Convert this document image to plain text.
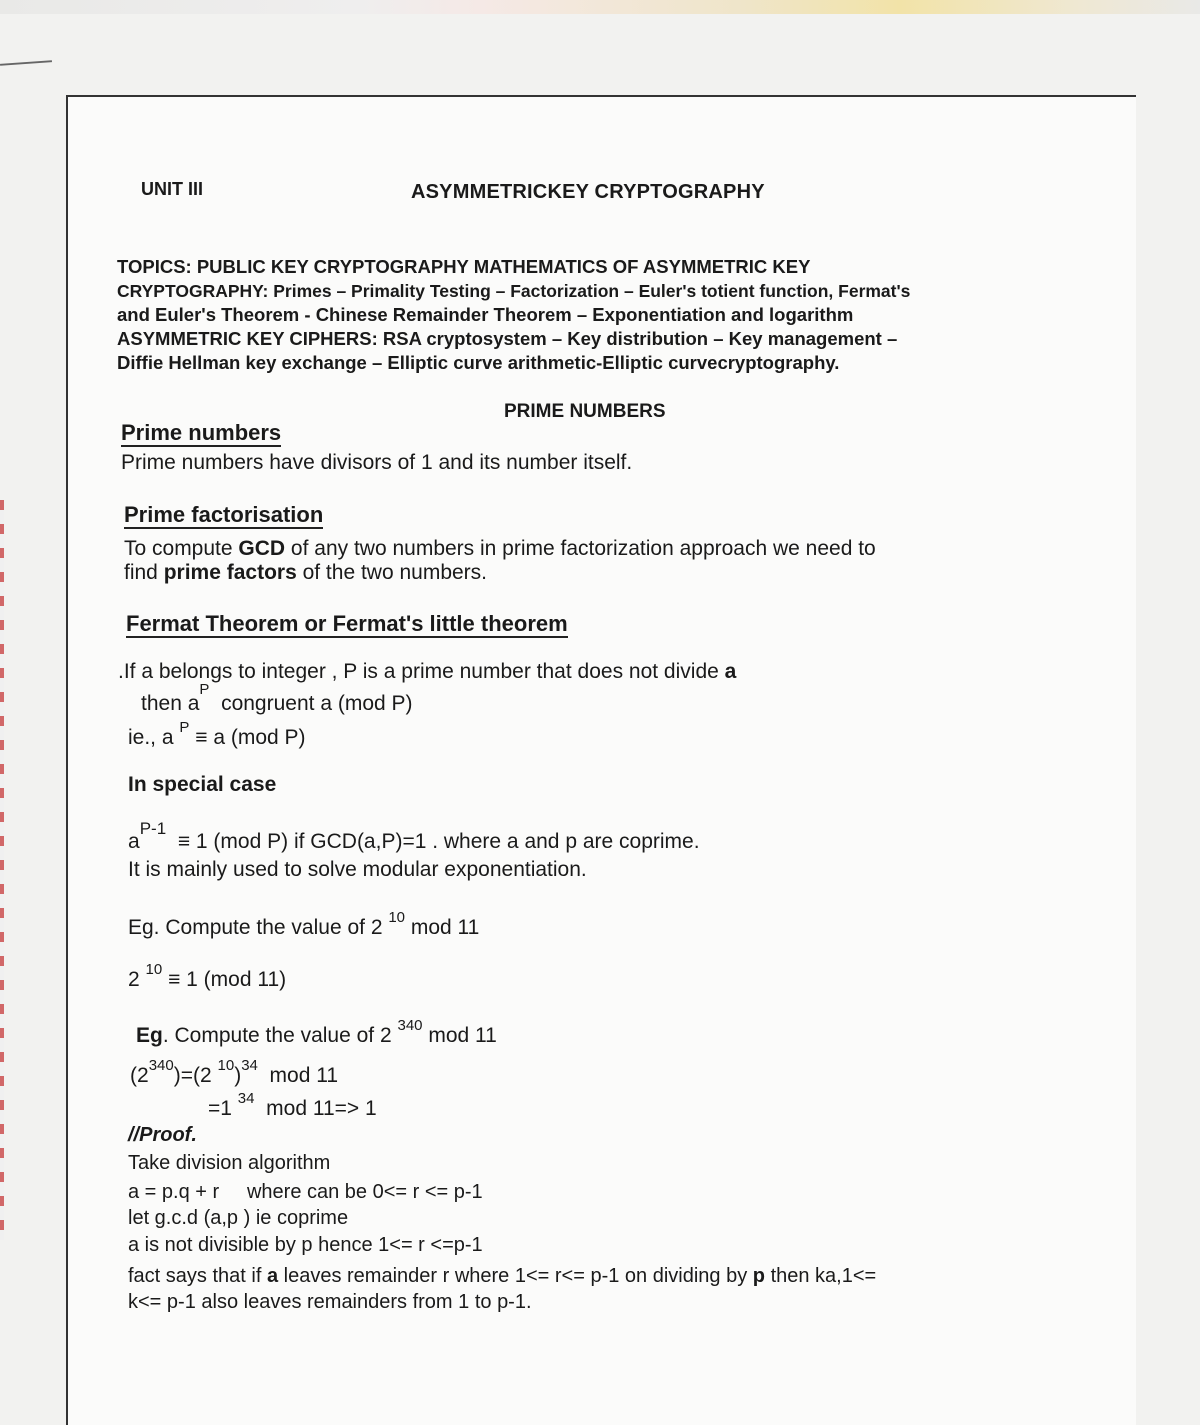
UNIT III	ASYMMETRICKEY CRYPTOGRAPHY
TOPICS: PUBLIC KEY CRYPTOGRAPHY MATHEMATICS OF ASYMMETRIC KEY
CRYPTOGRAPHY: Primes – Primality Testing – Factorization – Euler's totient function, Fermat's
and Euler's Theorem - Chinese Remainder Theorem – Exponentiation and logarithm
ASYMMETRIC KEY CIPHERS: RSA cryptosystem – Key distribution – Key management –
Diffie Hellman key exchange – Elliptic curve arithmetic-Elliptic curvecryptography.
PRIME NUMBERS
Prime numbers
Prime numbers have divisors of 1 and its number itself.
Prime factorisation
To compute GCD of any two numbers in prime factorization approach we need to
find prime factors of the two numbers.
Fermat Theorem or Fermat's little theorem
.If a belongs to integer , P is a prime number that does not divide a
then $a^P$  congruent a (mod P)
ie., a $^P$ ≡ a (mod P)
In special case
$a^{P-1} \equiv 1$ (mod P) if GCD(a,P)=1 . where a and p are coprime.
It is mainly used to solve modular exponentiation.
Eg. Compute the value of 2 $^{10}$ mod 11
2 $^{10}$ ≡ 1 (mod 11)
Eg. Compute the value of 2 $^{340}$ mod 11
$(2^{340})=(2$ $^{10}$)$^{34}$ mod 11
=1 $^{34}$ mod 11=> 1
//Proof.
Take division algorithm
a = p.q + r where can be 0<= r <= p-1
let g.c.d (a,p ) ie coprime
a is not divisible by p hence 1<= r <=p-1
fact says that if a leaves remainder r where 1<= r<= p-1 on dividing by p then ka,1<=
k<= p-1 also leaves remainders from 1 to p-1.
